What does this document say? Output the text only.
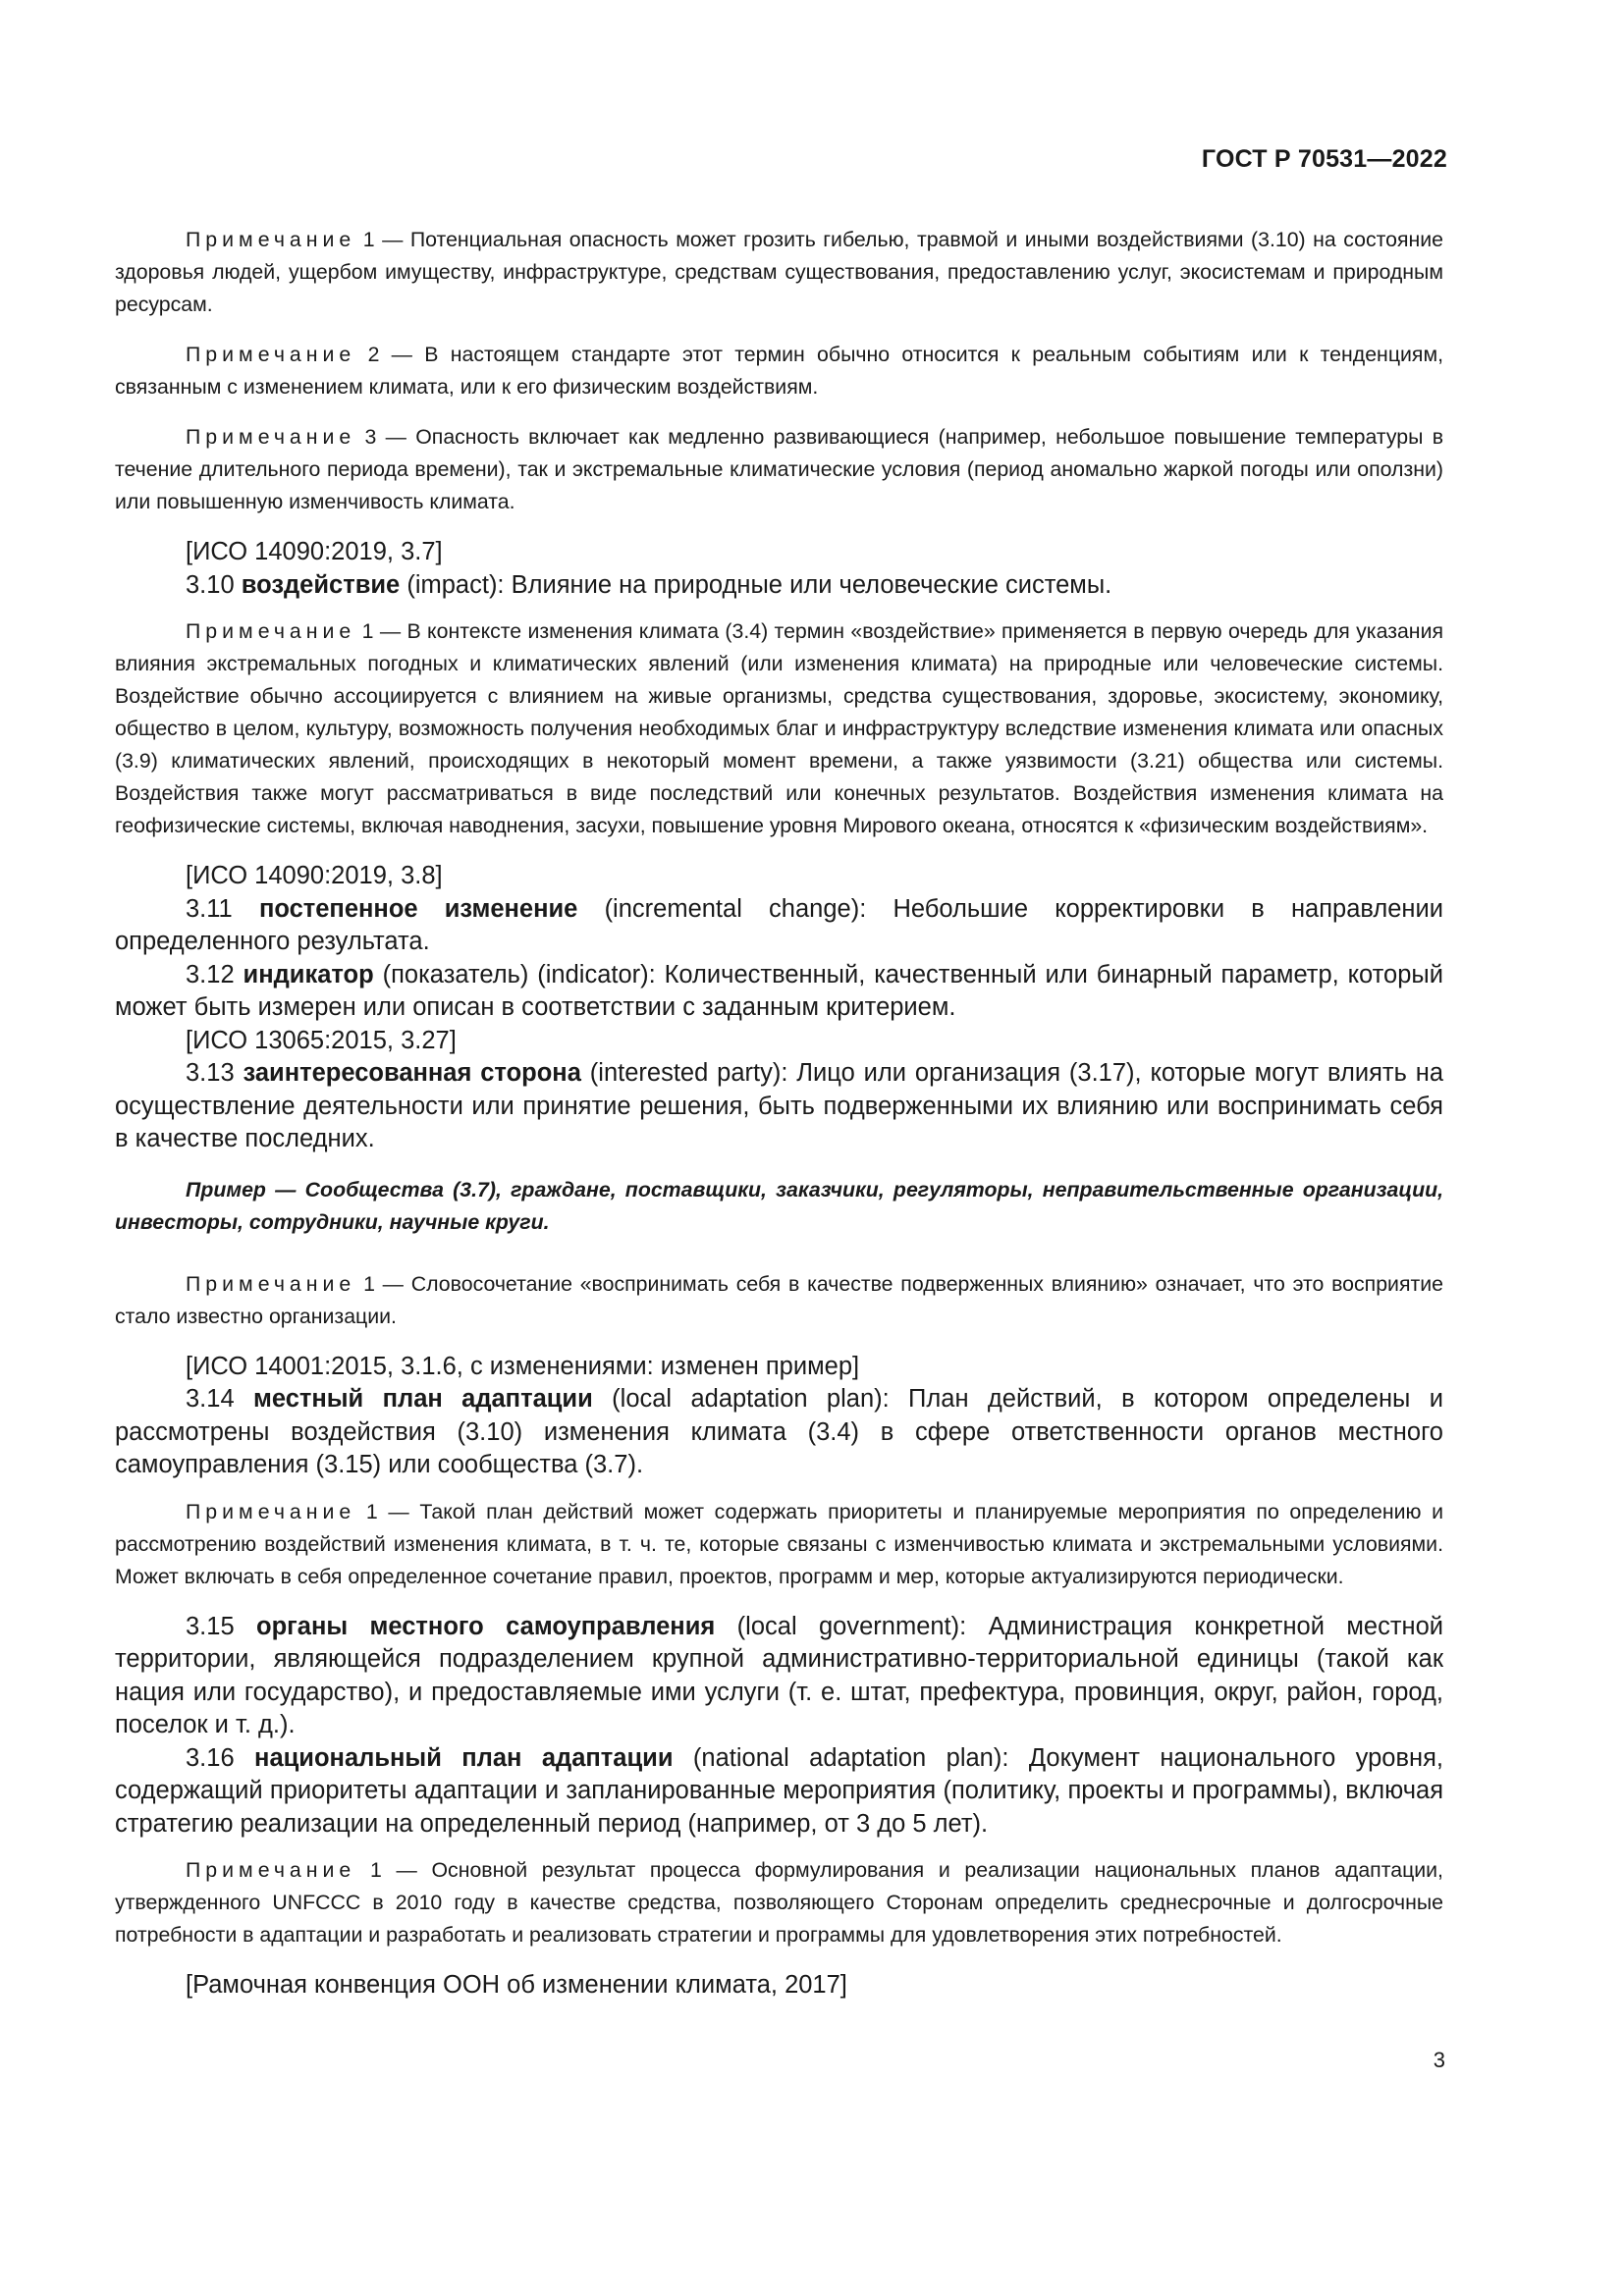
ГОСТ Р 70531—2022

Примечание 1 — Потенциальная опасность может грозить гибелью, травмой и иными воздействиями (3.10) на состояние здоровья людей, ущербом имуществу, инфраструктуре, средствам существования, предоставлению услуг, экосистемам и природным ресурсам.

Примечание 2 — В настоящем стандарте этот термин обычно относится к реальным событиям или к тенденциям, связанным с изменением климата, или к его физическим воздействиям.

Примечание 3 — Опасность включает как медленно развивающиеся (например, небольшое повышение температуры в течение длительного периода времени), так и экстремальные климатические условия (период аномально жаркой погоды или оползни) или повышенную изменчивость климата.

[ИСО 14090:2019, 3.7]

3.10 воздействие (impact): Влияние на природные или человеческие системы.

Примечание 1 — В контексте изменения климата (3.4) термин «воздействие» применяется в первую очередь для указания влияния экстремальных погодных и климатических явлений (или изменения климата) на природные или человеческие системы. Воздействие обычно ассоциируется с влиянием на живые организмы, средства существования, здоровье, экосистему, экономику, общество в целом, культуру, возможность получения необходимых благ и инфраструктуру вследствие изменения климата или опасных (3.9) климатических явлений, происходящих в некоторый момент времени, а также уязвимости (3.21) общества или системы. Воздействия также могут рассматриваться в виде последствий или конечных результатов. Воздействия изменения климата на геофизические системы, включая наводнения, засухи, повышение уровня Мирового океана, относятся к «физическим воздействиям».

[ИСО 14090:2019, 3.8]

3.11 постепенное изменение (incremental change): Небольшие корректировки в направлении определенного результата.

3.12 индикатор (показатель) (indicator): Количественный, качественный или бинарный параметр, который может быть измерен или описан в соответствии с заданным критерием.

[ИСО 13065:2015, 3.27]

3.13 заинтересованная сторона (interested party): Лицо или организация (3.17), которые могут влиять на осуществление деятельности или принятие решения, быть подверженными их влиянию или воспринимать себя в качестве последних.

Пример — Сообщества (3.7), граждане, поставщики, заказчики, регуляторы, неправительственные организации, инвесторы, сотрудники, научные круги.

Примечание 1 — Словосочетание «воспринимать себя в качестве подверженных влиянию» означает, что это восприятие стало известно организации.

[ИСО 14001:2015, 3.1.6, с изменениями: изменен пример]

3.14 местный план адаптации (local adaptation plan): План действий, в котором определены и рассмотрены воздействия (3.10) изменения климата (3.4) в сфере ответственности органов местного самоуправления (3.15) или сообщества (3.7).

Примечание 1 — Такой план действий может содержать приоритеты и планируемые мероприятия по определению и рассмотрению воздействий изменения климата, в т. ч. те, которые связаны с изменчивостью климата и экстремальными условиями. Может включать в себя определенное сочетание правил, проектов, программ и мер, которые актуализируются периодически.

3.15 органы местного самоуправления (local government): Администрация конкретной местной территории, являющейся подразделением крупной административно-территориальной единицы (такой как нация или государство), и предоставляемые ими услуги (т. е. штат, префектура, провинция, округ, район, город, поселок и т. д.).

3.16 национальный план адаптации (national adaptation plan): Документ национального уровня, содержащий приоритеты адаптации и запланированные мероприятия (политику, проекты и программы), включая стратегию реализации на определенный период (например, от 3 до 5 лет).

Примечание 1 — Основной результат процесса формулирования и реализации национальных планов адаптации, утвержденного UNFCCC в 2010 году в качестве средства, позволяющего Сторонам определить среднесрочные и долгосрочные потребности в адаптации и разработать и реализовать стратегии и программы для удовлетворения этих потребностей.

[Рамочная конвенция ООН об изменении климата, 2017]

3
